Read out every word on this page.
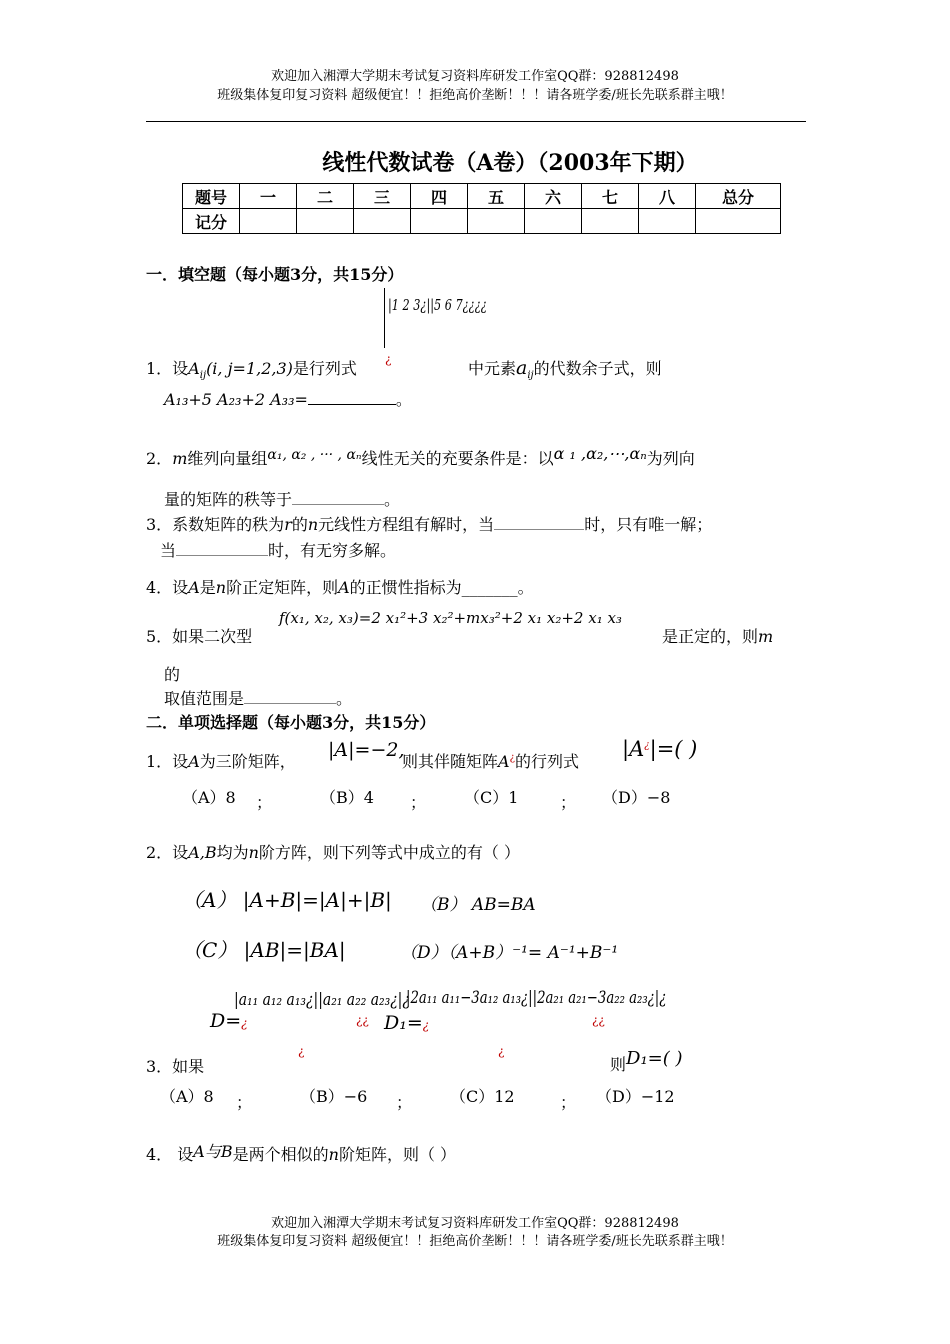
欢迎加入湘潭大学期末考试复习资料库研发工作室QQ群：928812498
班级集体复印复习资料 超级便宜！！拒绝高价垄断！！！请各班学委/班长先联系群主哦！
线性代数试卷（A卷）（2003年下期）
题号	一	二	三	四	五	六	七	八	总分
记分									
一．填空题（每小题3分，共15分）
|1 2 3¿||5 6 7¿¿¿¿
¿
1．设$A_{ij}(i$, j=1,2,3)是行列式	中元素$a_{ij}$的代数余子式，则
A₁₃+5 A₂₃+2 A₃₃=	。
2．m维列向量组α₁, α₂ , ··· , αₙ线性无关的充要条件是：以α ₁ ,α₂,⋯,αₙ为列向
量的矩阵的秩等于	。
3．系数矩阵的秩为r的n元线性方程组有解时，当	时，只有唯一解；
当	时，有无穷多解。
4．设A是n阶正定矩阵，则A的正惯性指标为_______。
5．如果二次型
f(x₁, x₂, x₃)=2 x₁²+3 x₂²+mx₃²+2 x₁ x₂+2 x₁ x₃
是正定的，则m
的
取值范围是	。
二．单项选择题（每小题3分，共15分）
1．设A为三阶矩阵，
|A|=−2,
则其伴随矩阵A¿的行列式
|A¿|=( )
（A）8 ；	（B）4 ； （C）1	； （D）−8
2．设A,B均为n阶方阵，则下列等式中成立的有（ ）
（A） |A+B|=|A|+|B| （B） AB=BA
（C） |AB|=|BA|	（D）（A+B）⁻¹= A⁻¹+B⁻¹
D=¿
|a₁₁ a₁₂ a₁₃¿||a₂₁ a₂₂ a₂₃¿|¿
¿¿
¿
D₁=¿
|2a₁₁ a₁₁−3a₁₂ a₁₃¿||2a₂₁ a₂₁−3a₂₂ a₂₃¿|¿
¿¿
¿
3．如果	则D₁=( )
（A）8 ；	（B）−6 ； （C）12	； （D）−12
4． 设A与B是两个相似的n阶矩阵，则（ ）
欢迎加入湘潭大学期末考试复习资料库研发工作室QQ群：928812498
班级集体复印复习资料 超级便宜！！拒绝高价垄断！！！请各班学委/班长先联系群主哦！
